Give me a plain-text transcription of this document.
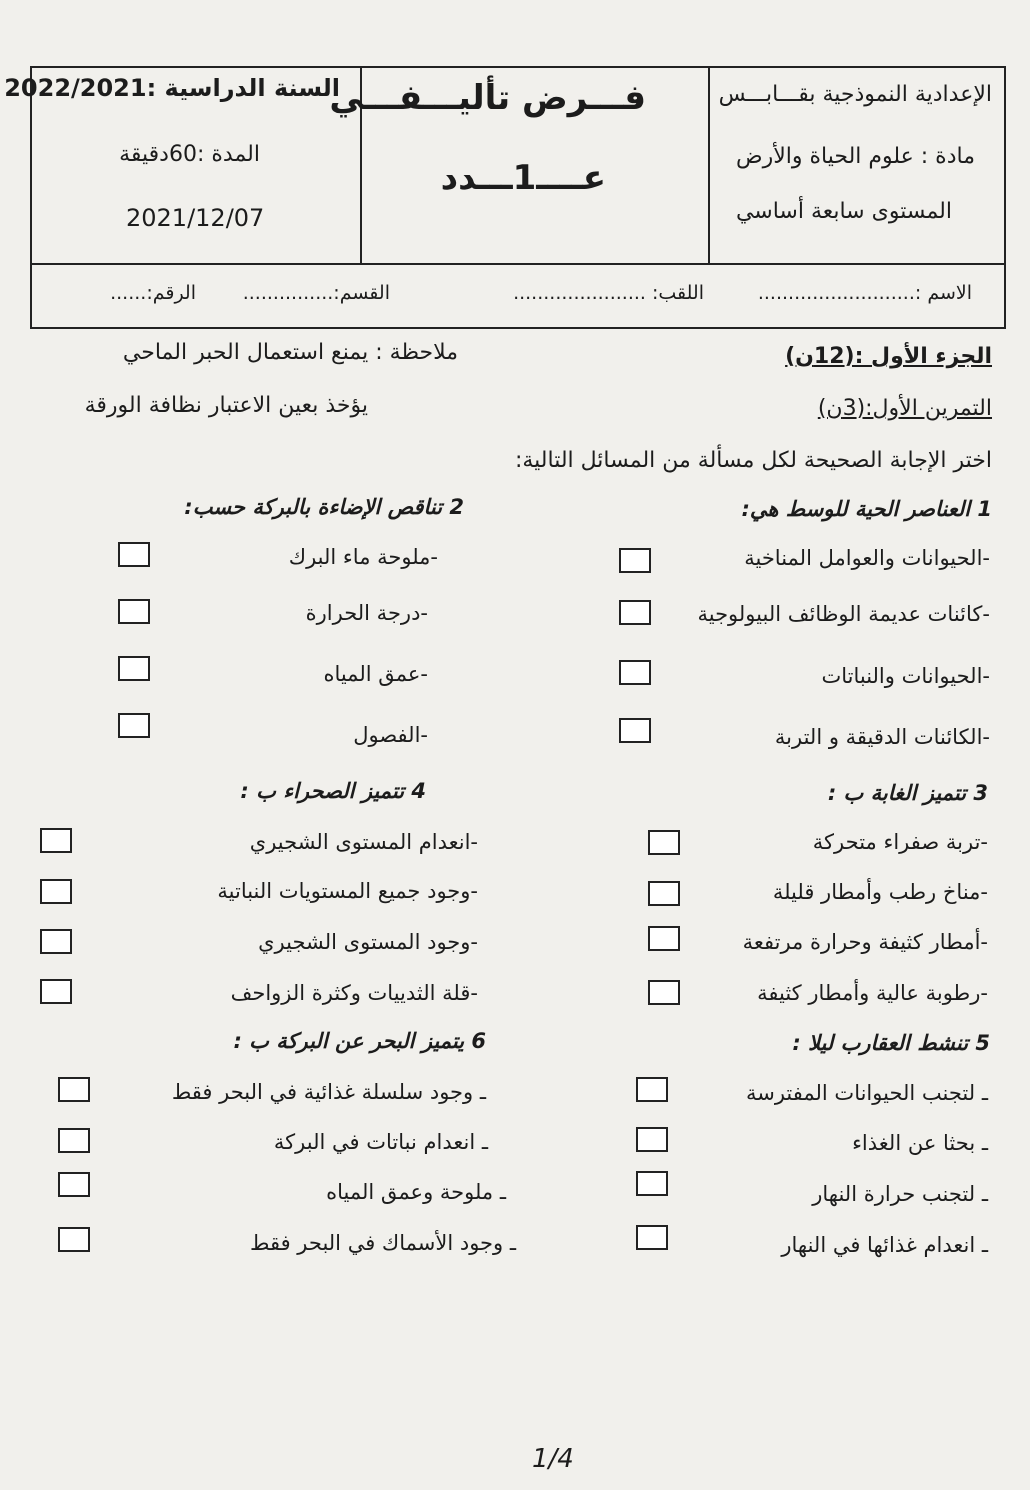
الإعدادية النموذجية بقـــابـــس
مادة : علوم الحياة والأرض
المستوى سابعة أساسي
فـــرض تأليـــفـــي
عــــ1ـــدد
السنة الدراسية :2022/2021
المدة :60دقيقة
2021/12/07
الاسم :..........................
اللقب: ......................
القسم:...............
الرقم:......
الجزء الأول :(12ن)
التمرين الأول:(3ن)
ملاحظة : يمنع استعمال الحبر الماحي
يؤخذ بعين الاعتبار نظافة الورقة
اختر الإجابة الصحيحة لكل مسألة من المسائل التالية:
1 العناصر الحية للوسط هي:
-الحيوانات والعوامل المناخية
-كائنات عديمة الوظائف البيولوجية
-الحيوانات والنباتات
-الكائنات الدقيقة و التربة
2 تناقص الإضاءة بالبركة حسب:
-ملوحة ماء البرك
-درجة الحرارة
-عمق المياه
-الفصول
3 تتميز الغابة ب :
-تربة صفراء متحركة
-مناخ رطب وأمطار قليلة
-أمطار كثيفة وحرارة مرتفعة
-رطوبة عالية وأمطار كثيفة
4 تتميز الصحراء ب :
-انعدام المستوى الشجيري
-وجود جميع المستويات النباتية
-وجود المستوى الشجيري
-قلة الثدييات وكثرة الزواحف
5 تنشط العقارب ليلا :
ـ لتجنب الحيوانات المفترسة
ـ بحثا عن الغذاء
ـ لتجنب حرارة النهار
ـ انعدام غذائها في النهار
6 يتميز البحر عن البركة ب :
ـ وجود سلسلة غذائية في البحر فقط
ـ انعدام نباتات في البركة
ـ ملوحة وعمق المياه
ـ وجود الأسماك في البحر فقط
1/4
